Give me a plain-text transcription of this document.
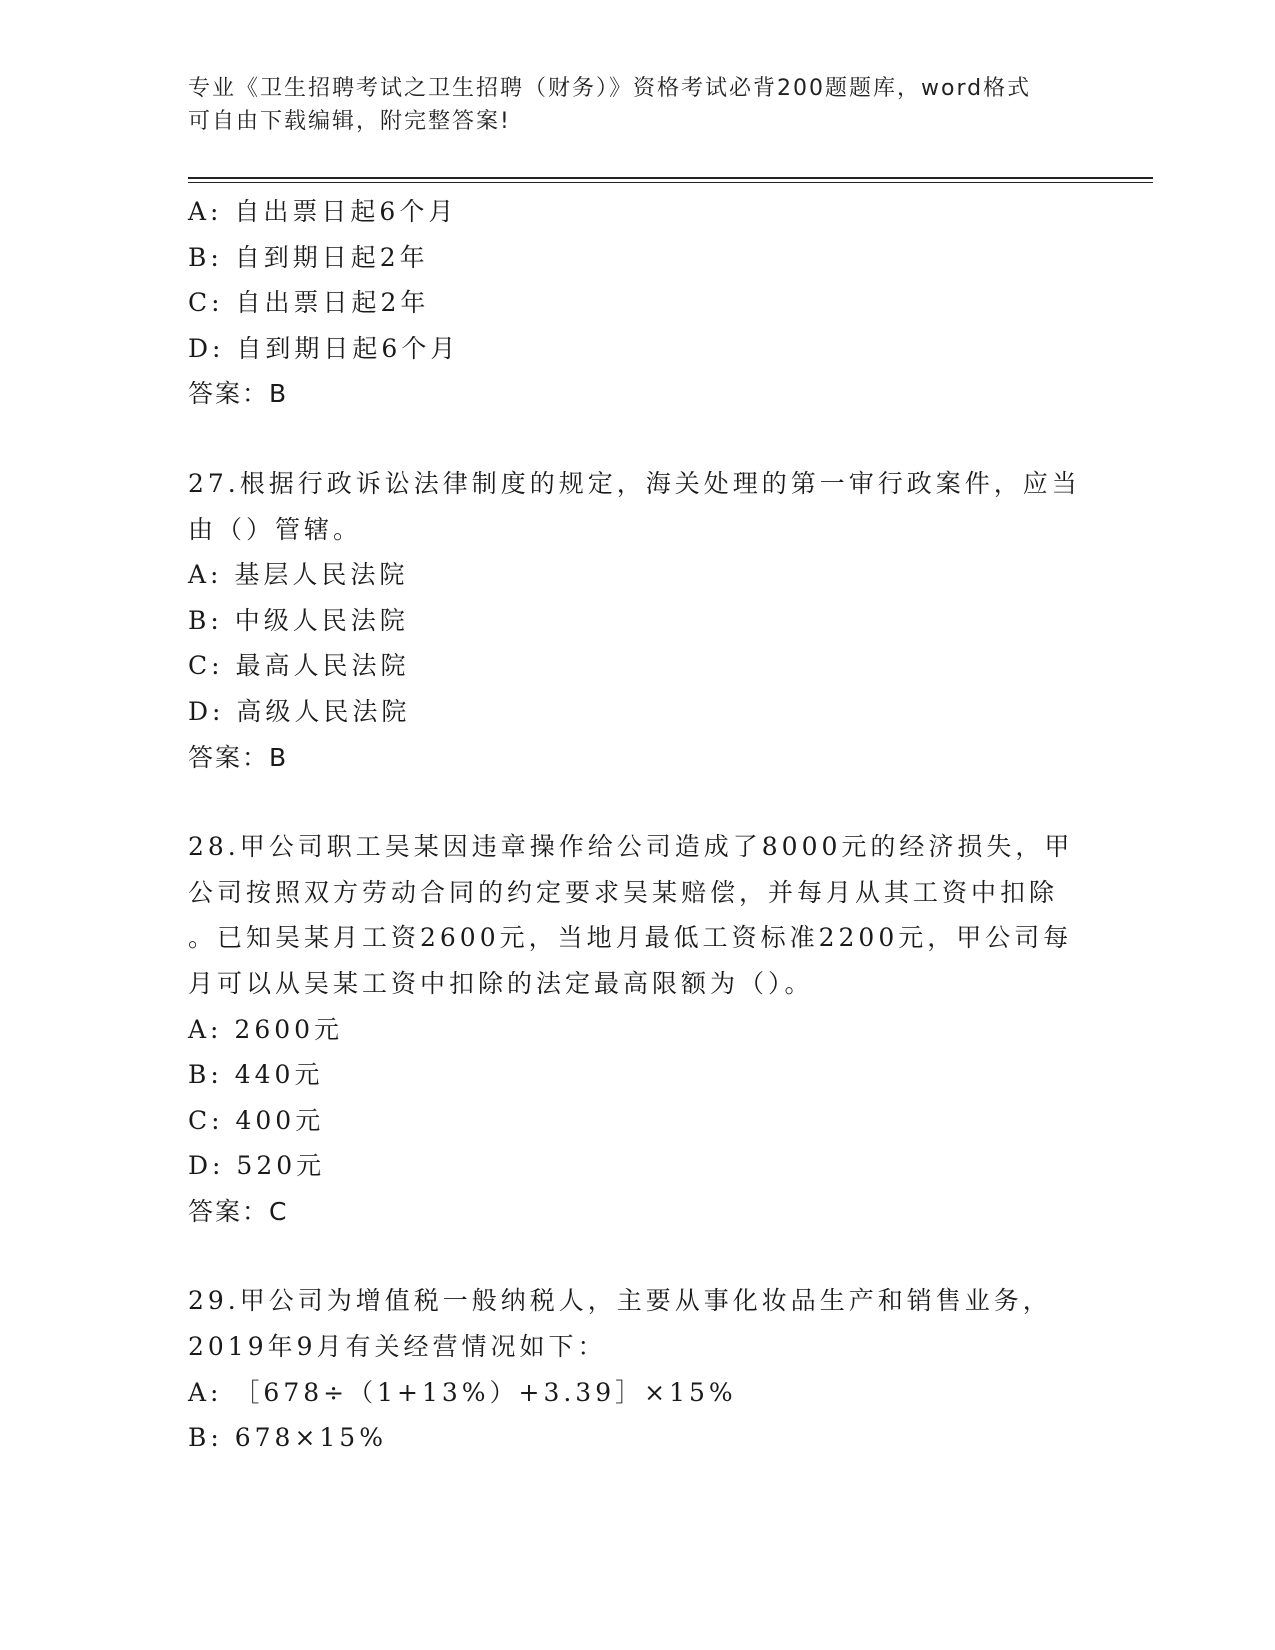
专业《卫生招聘考试之卫生招聘（财务）》资格考试必背200题题库，word格式
可自由下载编辑，附完整答案!
A: 自出票日起6个月
B: 自到期日起2年
C: 自出票日起2年
D: 自到期日起6个月
答案：B
27.根据行政诉讼法律制度的规定，海关处理的第一审行政案件，应当
由（）管辖。
A: 基层人民法院
B: 中级人民法院
C: 最高人民法院
D: 高级人民法院
答案：B
28.甲公司职工吴某因违章操作给公司造成了8000元的经济损失，甲
公司按照双方劳动合同的约定要求吴某赔偿，并每月从其工资中扣除
。已知吴某月工资2600元，当地月最低工资标准2200元，甲公司每
月可以从吴某工资中扣除的法定最高限额为（）。
A: 2600元
B: 440元
C: 400元
D: 520元
答案：C
29.甲公司为增值税一般纳税人，主要从事化妆品生产和销售业务，
2019年9月有关经营情况如下：
A: ［678÷（1+13%）+3.39］×15%
B: 678×15%
